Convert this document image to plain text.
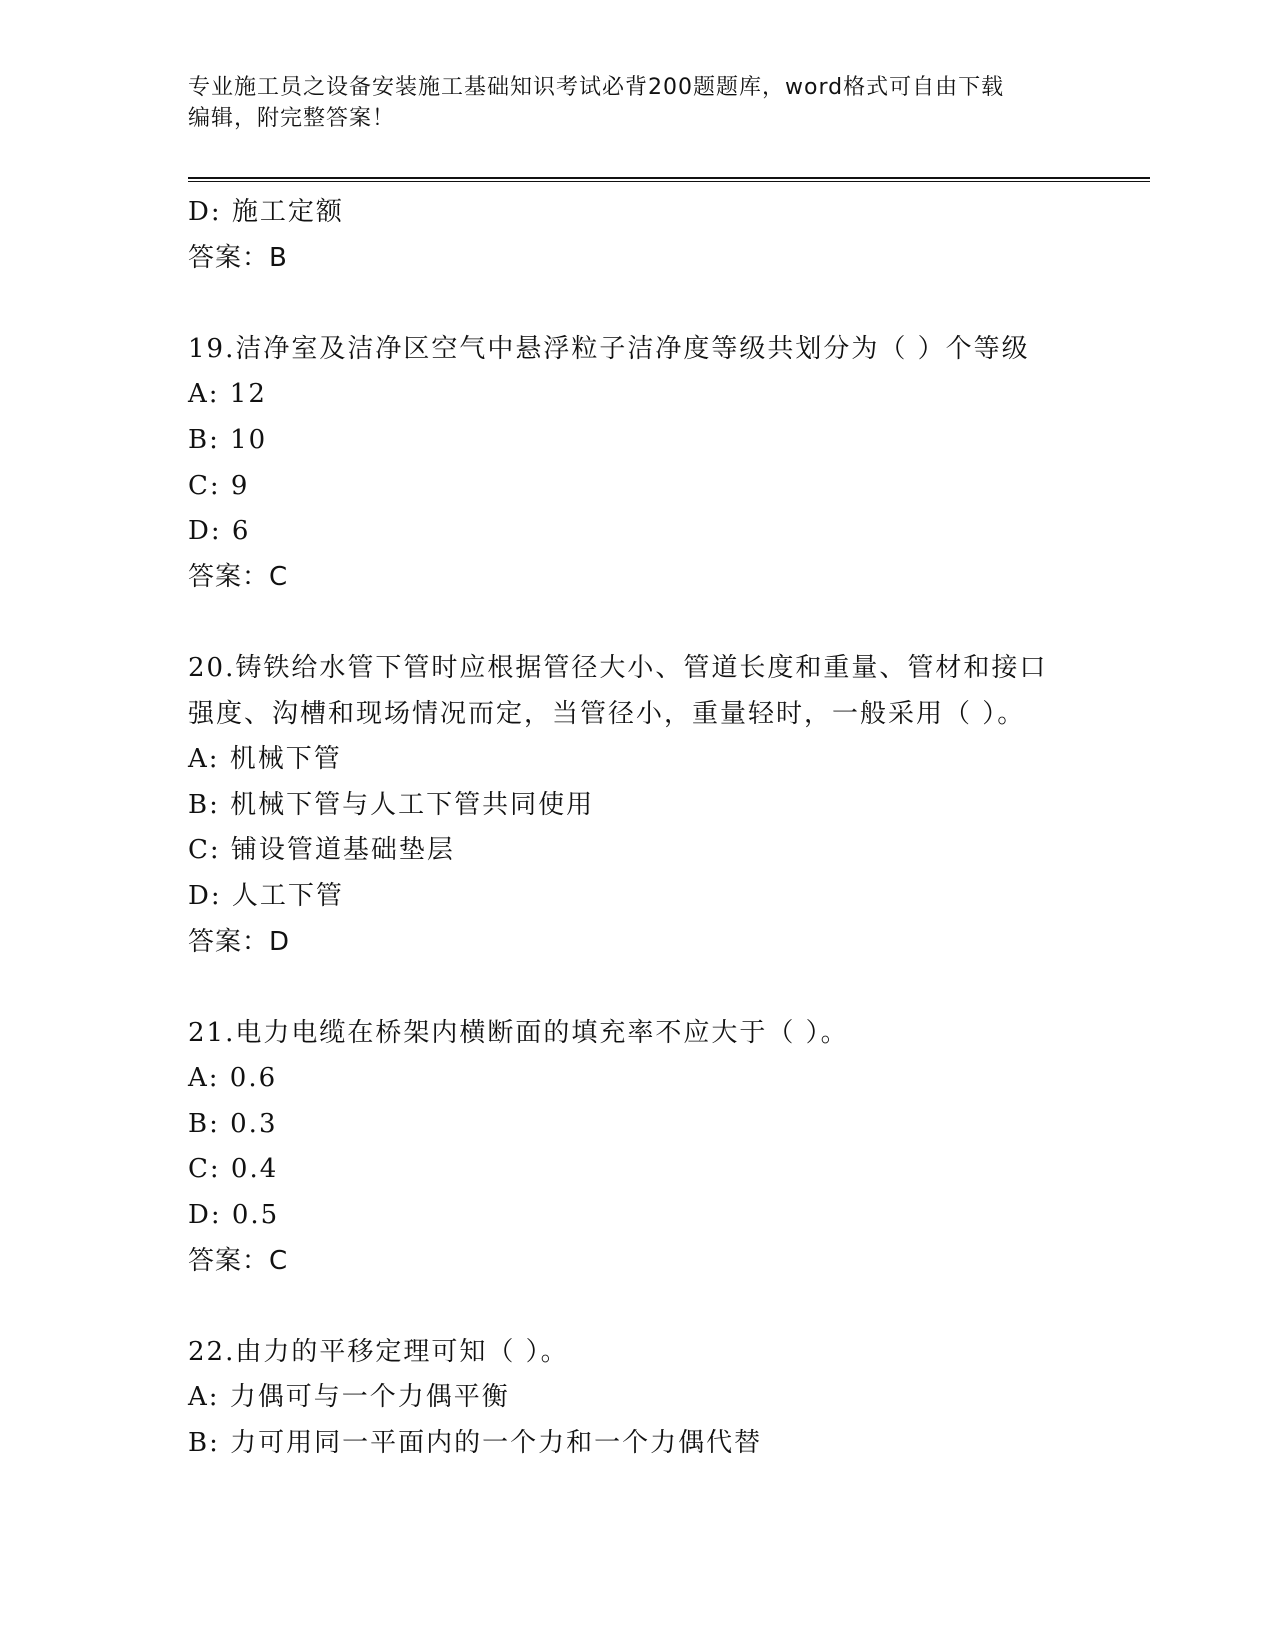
专业施工员之设备安装施工基础知识考试必背200题题库，word格式可自由下载
编辑，附完整答案！
D: 施工定额
答案：B
19.洁净室及洁净区空气中悬浮粒子洁净度等级共划分为（ ）个等级
A: 12
B: 10
C: 9
D: 6
答案：C
20.铸铁给水管下管时应根据管径大小、管道长度和重量、管材和接口
强度、沟槽和现场情况而定，当管径小，重量轻时，一般采用（ ）。
A: 机械下管
B: 机械下管与人工下管共同使用
C: 铺设管道基础垫层
D: 人工下管
答案：D
21.电力电缆在桥架内横断面的填充率不应大于（ ）。
A: 0.6
B: 0.3
C: 0.4
D: 0.5
答案：C
22.由力的平移定理可知（ ）。
A: 力偶可与一个力偶平衡
B: 力可用同一平面内的一个力和一个力偶代替
